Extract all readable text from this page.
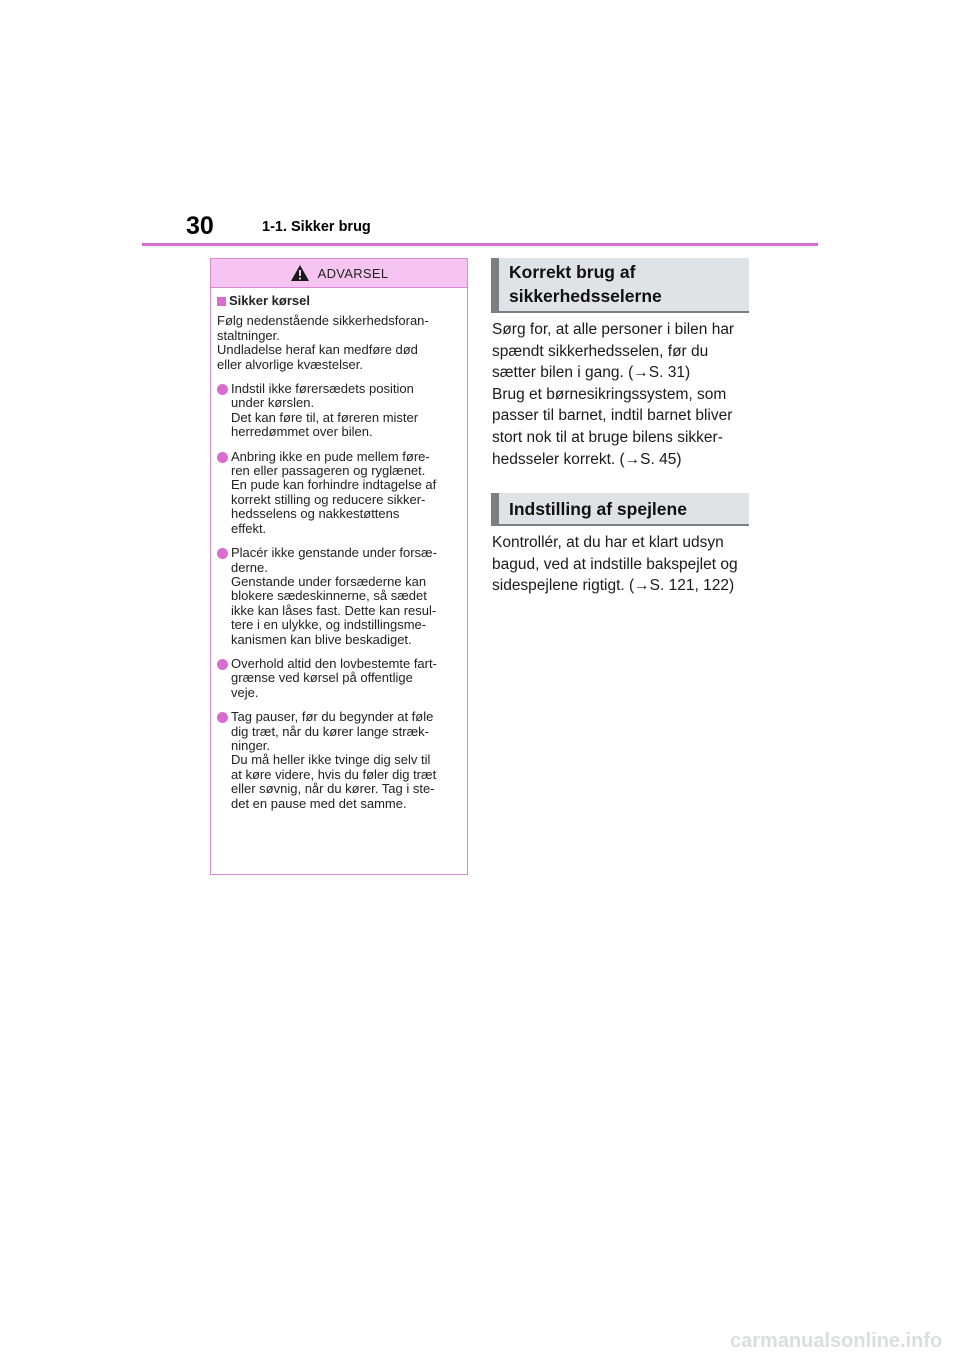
30	1-1. Sikker brug
ADVARSEL
Sikker kørsel
Følg nedenstående sikkerhedsforan-
staltninger.
Undladelse heraf kan medføre død
eller alvorlige kvæstelser.
Indstil ikke førersædets position
under kørslen.
Det kan føre til, at føreren mister
herredømmet over bilen.
Anbring ikke en pude mellem føre-
ren eller passageren og ryglænet.
En pude kan forhindre indtagelse af
korrekt stilling og reducere sikker-
hedsselens og nakkestøttens
effekt.
Placér ikke genstande under forsæ-
derne.
Genstande under forsæderne kan
blokere sædeskinnerne, så sædet
ikke kan låses fast. Dette kan resul-
tere i en ulykke, og indstillingsme-
kanismen kan blive beskadiget.
Overhold altid den lovbestemte fart-
grænse ved kørsel på offentlige
veje.
Tag pauser, før du begynder at føle
dig træt, når du kører lange stræk-
ninger.
Du må heller ikke tvinge dig selv til
at køre videre, hvis du føler dig træt
eller søvnig, når du kører. Tag i ste-
det en pause med det samme.
Korrekt brug af
sikkerhedsselerne
Sørg for, at alle personer i bilen har
spændt sikkerhedsselen, før du
sætter bilen i gang. (→S. 31)
Brug et børnesikringssystem, som
passer til barnet, indtil barnet bliver
stort nok til at bruge bilens sikker-
hedsseler korrekt. (→S. 45)
Indstilling af spejlene
Kontrollér, at du har et klart udsyn
bagud, ved at indstille bakspejlet og
sidespejlene rigtigt. (→S. 121, 122)
carmanualsonline.info
